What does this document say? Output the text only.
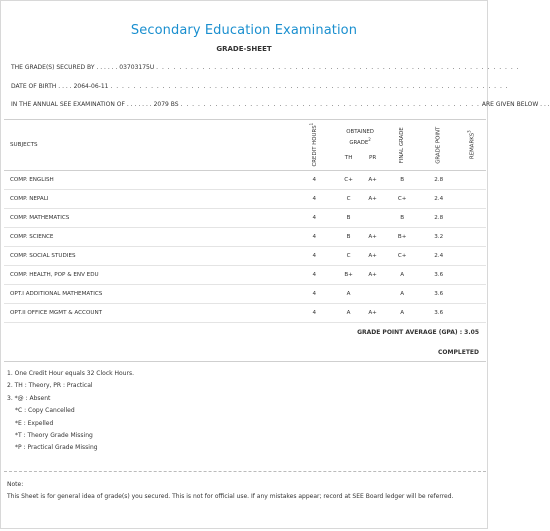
Secondary Education Examination
GRADE-SHEET
THE GRADE(S) SECURED BY . . . . . . 03703175U . . . . . . . . . . . . . . . . . . . . . . . . . . . . . . . . . . . . . . . . . . . . . . . . . . . . . . . . . . . . . . .
DATE OF BIRTH . . . . 2064-06-11 . . . . . . . . . . . . . . . . . . . . . . . . . . . . . . . . . . . . . . . . . . . . . . . . . . . . . . . . . . . . . . . . . . . . .
IN THE ANNUAL SEE EXAMINATION OF . . . . . . . 2079 BS . . . . . . . . . . . . . . . . . . . . . . . . . . . . . . . . . . . . . . . . . . . . . . . . . . . . ARE GIVEN BELOW . . .
SUBJECTS	CREDIT HOURS$^1$	OBTAINED GRADE$^2$
TH PR		FINAL GRADE	GRADE POINT	REMARKS$^3$
COMP. ENGLISH	4	C+	A+	B	2.8	
COMP. NEPALI	4	C	A+	C+	2.4	
COMP. MATHEMATICS	4	B		B	2.8	
COMP. SCIENCE	4	B	A+	B+	3.2	
COMP. SOCIAL STUDIES	4	C	A+	C+	2.4	
COMP. HEALTH, POP & ENV EDU	4	B+	A+	A	3.6	
OPT.I ADDITIONAL MATHEMATICS	4	A		A	3.6	
OPT.II OFFICE MGMT & ACCOUNT	4	A	A+	A	3.6	
GRADE POINT AVERAGE (GPA) : 3.05
COMPLETED
1. One Credit Hour equals 32 Clock Hours.
2. TH : Theory, PR : Practical
3. *@ : Absent
*C : Copy Cancelled
*E : Expelled
*T : Theory Grade Missing
*P : Practical Grade Missing
Note:
This Sheet is for general idea of grade(s) you secured. This is not for official use. If any mistakes appear; record at SEE Board ledger will be referred.
